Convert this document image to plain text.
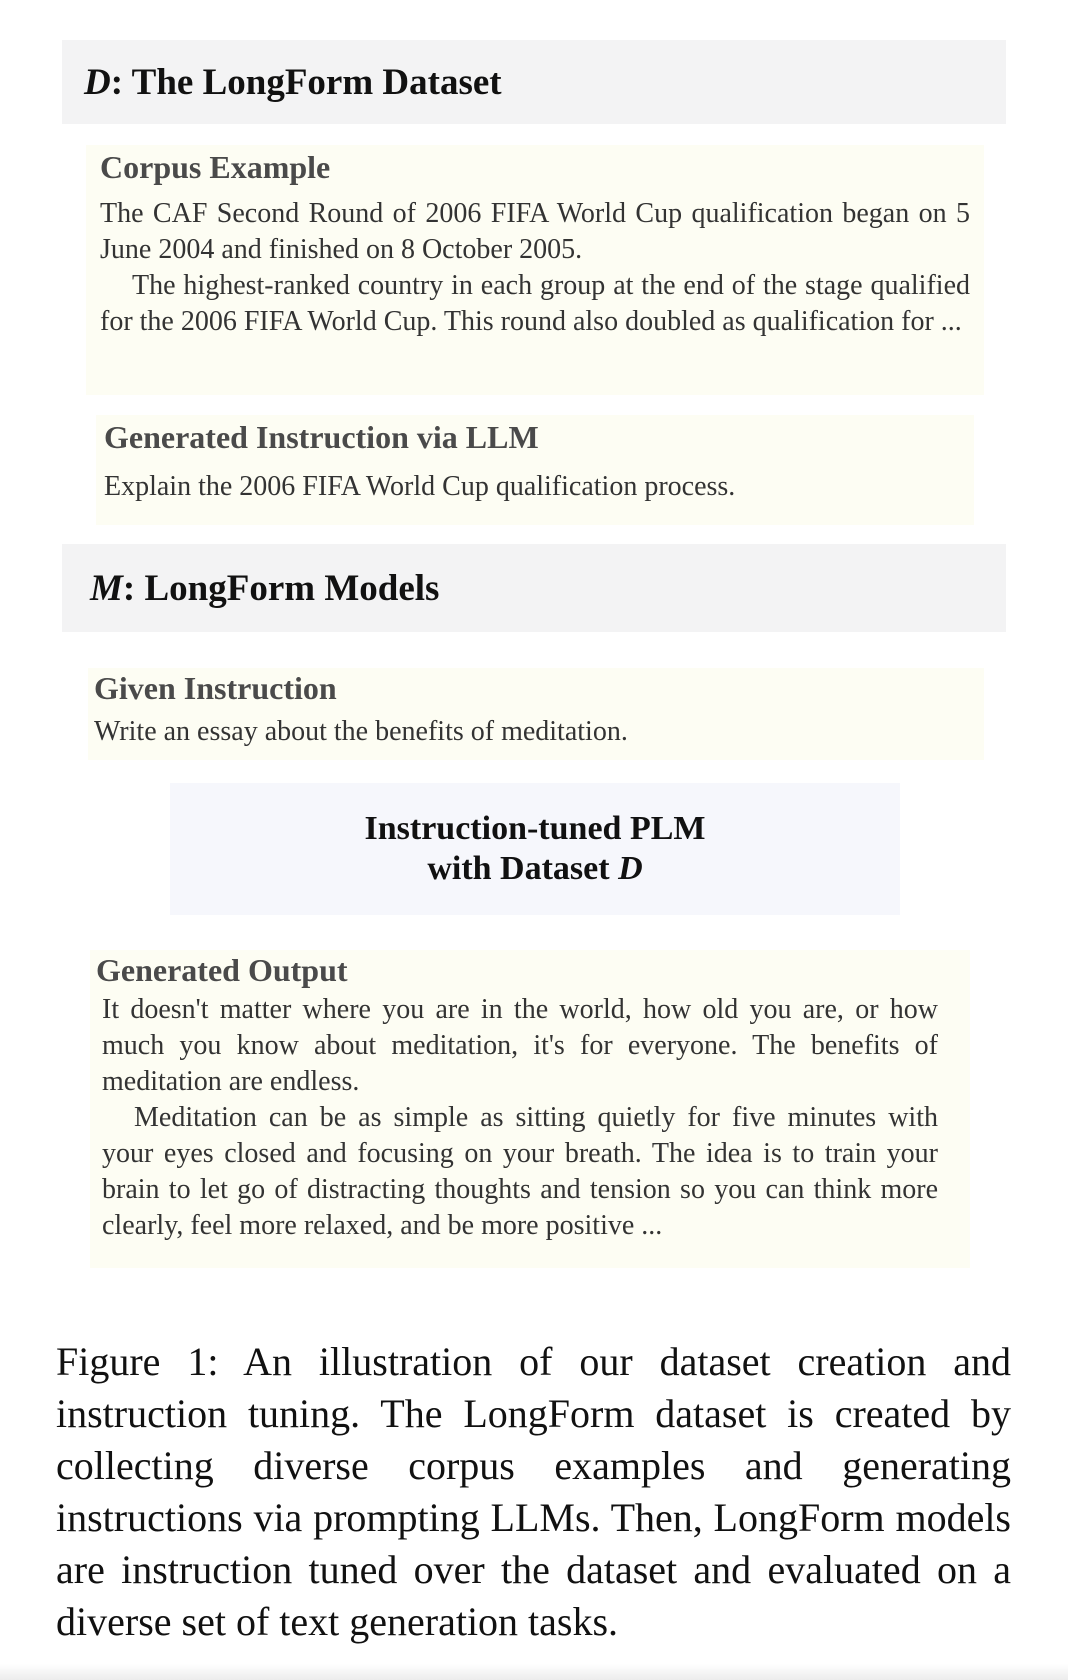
D: The LongForm Dataset
Corpus Example
The CAF Second Round of 2006 FIFA World Cup qualification began on 5 June 2004 and finished on 8 October 2005.
The highest-ranked country in each group at the end of the stage qualified for the 2006 FIFA World Cup. This round also doubled as qualification for ...
Generated Instruction via LLM
Explain the 2006 FIFA World Cup qualification process.
M: LongForm Models
Given Instruction
Write an essay about the benefits of meditation.
Instruction-tuned PLM
with Dataset D
Generated Output
It doesn't matter where you are in the world, how old you are, or how much you know about meditation, it's for everyone. The benefits of meditation are endless.
Meditation can be as simple as sitting quietly for five minutes with your eyes closed and focusing on your breath. The idea is to train your brain to let go of distracting thoughts and tension so you can think more clearly, feel more relaxed, and be more positive ...
Figure 1: An illustration of our dataset creation and instruction tuning. The LongForm dataset is created by collecting diverse corpus examples and generating instructions via prompting LLMs. Then, LongForm models are instruction tuned over the dataset and evaluated on a diverse set of text generation tasks.
